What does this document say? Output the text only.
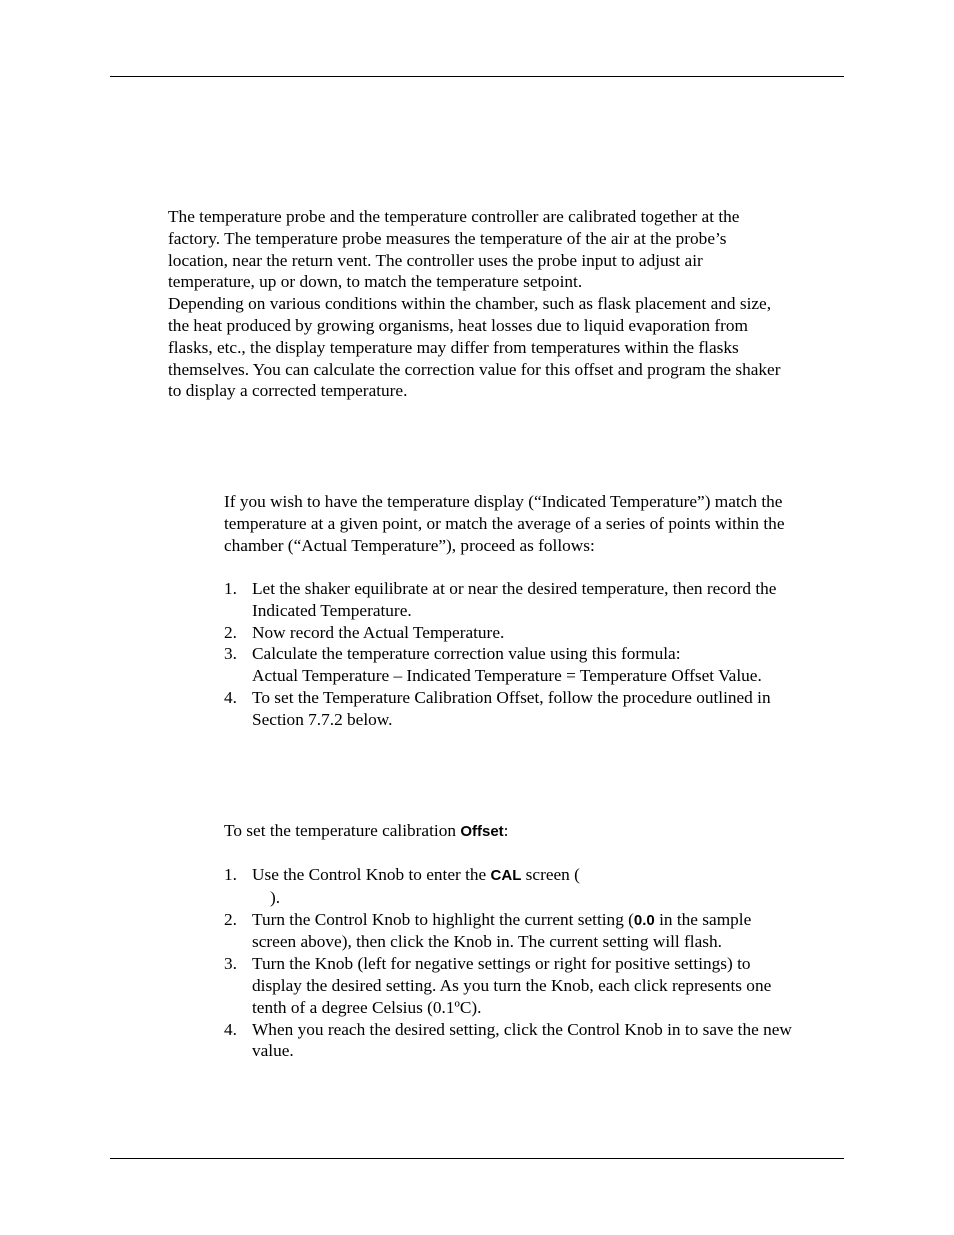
The temperature probe and the temperature controller are calibrated together at the
factory. The temperature probe measures the temperature of the air at the probe’s
location, near the return vent. The controller uses the probe input to adjust air
temperature, up or down, to match the temperature setpoint.
Depending on various conditions within the chamber, such as flask placement and size,
the heat produced by growing organisms, heat losses due to liquid evaporation from
flasks, etc., the display temperature may differ from temperatures within the flasks
themselves. You can calculate the correction value for this offset and program the shaker
to display a corrected temperature.

If you wish to have the temperature display (“Indicated Temperature”) match the
temperature at a given point, or match the average of a series of points within the
chamber (“Actual Temperature”), proceed as follows:

1. Let the shaker equilibrate at or near the desired temperature, then record the
Indicated Temperature.
2. Now record the Actual Temperature.
3. Calculate the temperature correction value using this formula:
Actual Temperature – Indicated Temperature = Temperature Offset Value.
4. To set the Temperature Calibration Offset, follow the procedure outlined in
Section 7.7.2 below.

To set the temperature calibration Offset:

1. Use the Control Knob to enter the CAL screen (
).
2. Turn the Control Knob to highlight the current setting (0.0 in the sample
screen above), then click the Knob in. The current setting will flash.
3. Turn the Knob (left for negative settings or right for positive settings) to
display the desired setting. As you turn the Knob, each click represents one
tenth of a degree Celsius (0.1ºC).
4. When you reach the desired setting, click the Control Knob in to save the new
value.
